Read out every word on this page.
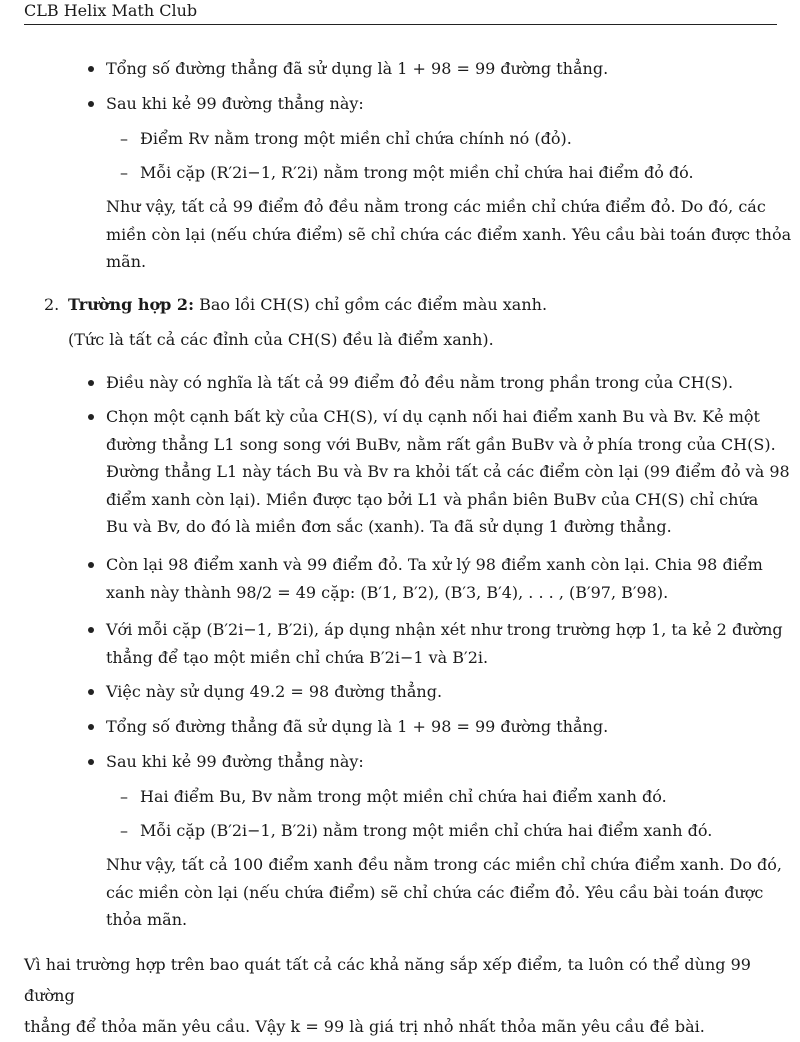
CLB Helix Math Club
Tổng số đường thẳng đã sử dụng là 1 + 98 = 99 đường thẳng.
Sau khi kẻ 99 đường thẳng này:
– Điểm Rv nằm trong một miền chỉ chứa chính nó (đỏ).
– Mỗi cặp (R′2i−1, R′2i) nằm trong một miền chỉ chứa hai điểm đỏ đó.
Như vậy, tất cả 99 điểm đỏ đều nằm trong các miền chỉ chứa điểm đỏ. Do đó, các
miền còn lại (nếu chứa điểm) sẽ chỉ chứa các điểm xanh. Yêu cầu bài toán được thỏa
mãn.
2. Trường hợp 2: Bao lồi CH(S) chỉ gồm các điểm màu xanh.
(Tức là tất cả các đỉnh của CH(S) đều là điểm xanh).
Điều này có nghĩa là tất cả 99 điểm đỏ đều nằm trong phần trong của CH(S).
Chọn một cạnh bất kỳ của CH(S), ví dụ cạnh nối hai điểm xanh Bu và Bv. Kẻ một
đường thẳng L1 song song với BuBv, nằm rất gần BuBv và ở phía trong của CH(S).
Đường thẳng L1 này tách Bu và Bv ra khỏi tất cả các điểm còn lại (99 điểm đỏ và 98
điểm xanh còn lại). Miền được tạo bởi L1 và phần biên BuBv của CH(S) chỉ chứa
Bu và Bv, do đó là miền đơn sắc (xanh). Ta đã sử dụng 1 đường thẳng.
Còn lại 98 điểm xanh và 99 điểm đỏ. Ta xử lý 98 điểm xanh còn lại. Chia 98 điểm
xanh này thành 98/2 = 49 cặp: (B′1, B′2), (B′3, B′4), . . . , (B′97, B′98).
Với mỗi cặp (B′2i−1, B′2i), áp dụng nhận xét như trong trường hợp 1, ta kẻ 2 đường
thẳng để tạo một miền chỉ chứa B′2i−1 và B′2i.
Việc này sử dụng 49.2 = 98 đường thẳng.
Tổng số đường thẳng đã sử dụng là 1 + 98 = 99 đường thẳng.
Sau khi kẻ 99 đường thẳng này:
– Hai điểm Bu, Bv nằm trong một miền chỉ chứa hai điểm xanh đó.
– Mỗi cặp (B′2i−1, B′2i) nằm trong một miền chỉ chứa hai điểm xanh đó.
Như vậy, tất cả 100 điểm xanh đều nằm trong các miền chỉ chứa điểm xanh. Do đó,
các miền còn lại (nếu chứa điểm) sẽ chỉ chứa các điểm đỏ. Yêu cầu bài toán được
thỏa mãn.
Vì hai trường hợp trên bao quát tất cả các khả năng sắp xếp điểm, ta luôn có thể dùng 99 đường
thẳng để thỏa mãn yêu cầu. Vậy k = 99 là giá trị nhỏ nhất thỏa mãn yêu cầu đề bài.
